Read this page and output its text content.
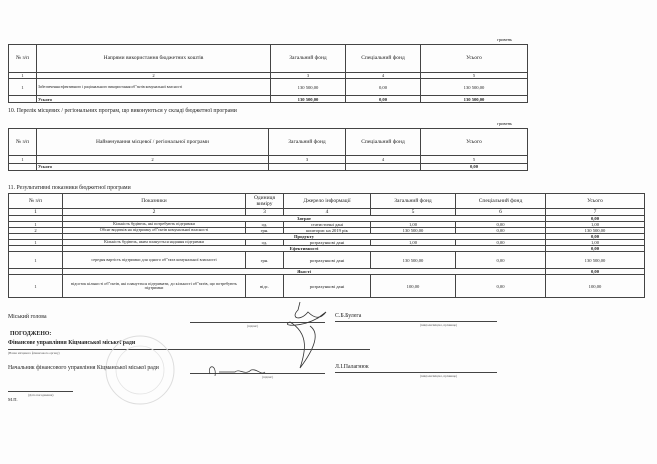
гривень
№ з/п	Напрями використання бюджетних коштів	Загальний фонд	Спеціальний фонд	Усього
1	2	3	4	5
1	Забезпечення ефективного і раціонального використання об"єктів комунальної власності	130 500,00	0,00	130 500,00
	Усього	130 500,00	0,00	130 500,00
10. Перелік місцевих / регіональних програм, що виконуються у складі бюджетної програми
гривень
№ з/п	Найменування місцевої / регіональної програми	Загальний фонд	Спеціальний фонд	Усього
1	2	3	4	5
	Усього			0,00
11. Результативні показники бюджетної програми
№ з/п	Показники	Одиниця виміру	Джерело інформації	Загальний фонд	Спеціальний фонд	Усього
1	2	3	4	5	6	7
	Затрат					0,00
1	Кількість будівель, які потребують підтримки	од.	статистичні дані	1,00	0,00	1,00
2	Обсяг видатків на підтримку об"єктів комунальної власності	грн.	кошторис на 2019 рік	130 500,00	0,00	130 500,00
	Продукту					0,00
1	Кількість будівель, яким планується надання підтримки	од.	розрахункові дані	1,00	0,00	1,00
	Ефективності					0,00
1	середня вартість підтримки для одного об"єкта комунальної власності	грн.	розрахункові дані	130 500,00	0,00	130 500,00
	Якості					0,00
1	відсоток кількості об"єктів, які планується підтримати, до кількості об"єктів, що потребують підтримки	відс.	розрахункові дані	100,00	0,00	100,00
Міський голова
(підпис)
С.Б.Булега
(ініціали/ініціал, прізвище)
ПОГОДЖЕНО:
Фінансове управління Кіцманської міської ради
(Назва місцевого фінансового органу)
Начальник фінансового управління Кіцманської міської ради
(підпис)
Л.І.Палагнюк
(ініціали/ініціал, прізвище)
(Дата погодження)
М.П.
